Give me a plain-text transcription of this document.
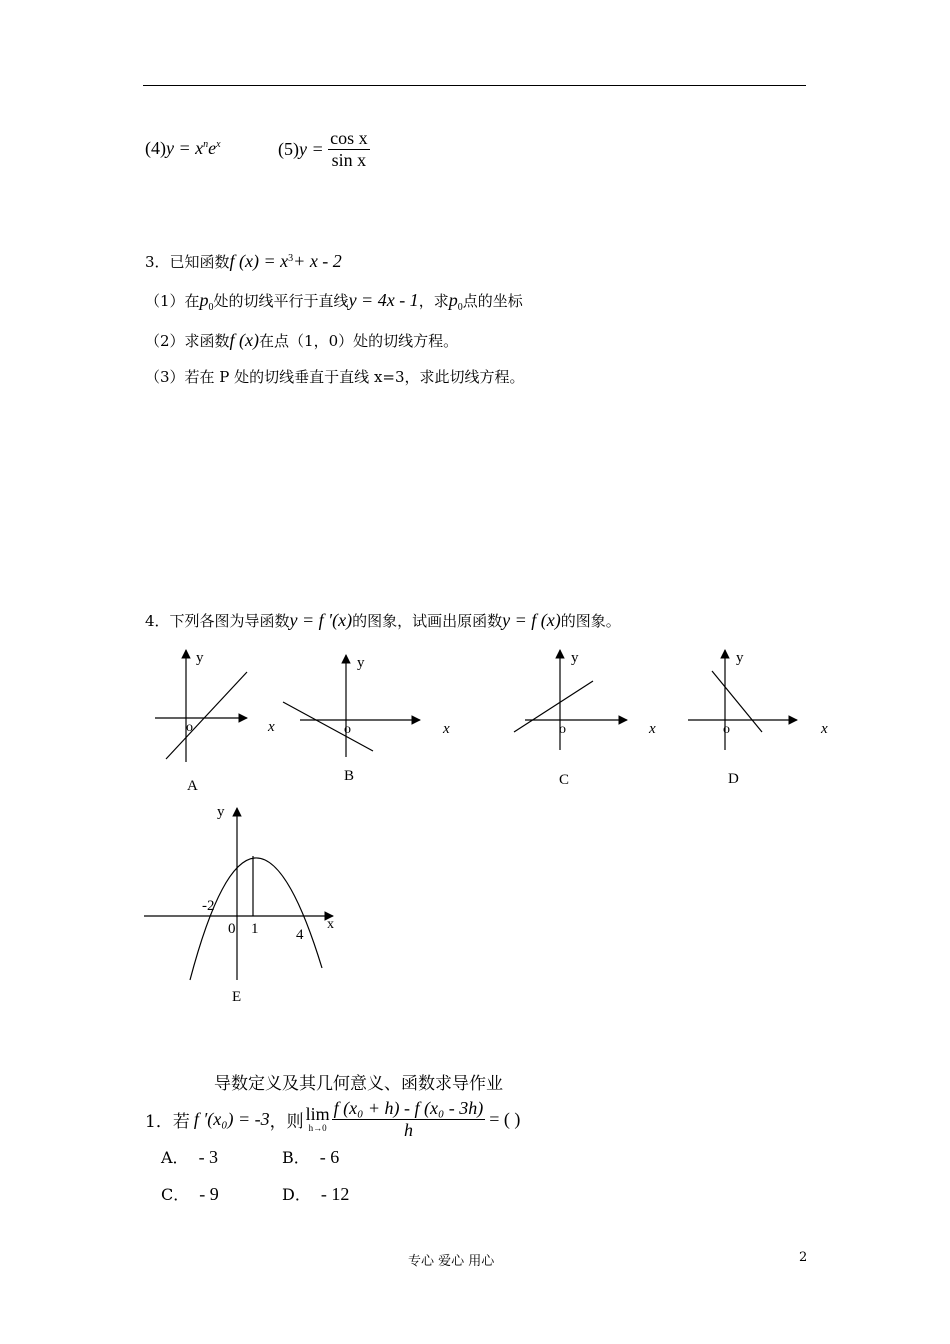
$(4)y = x^ne^x$	$(5)y = \frac{\text{cos x}}{\text{sin x}}$
3．已知函数f $(x) = x^3+ x - 2$
（1）在$p_0$处的切线平行于直线y = 4x - 1，求$p_0$点的坐标
（2）求函数f (x)在点（1，0）处的切线方程。
（3）若在 P 处的切线垂直于直线 x=3，求此切线方程。
4．下列各图为导函数y = f ′(x)的图象，试画出原函数y = f (x)的图象。
y
o	x
A
y
o	x
B
y
o	x
C
y
o	x
D
y
x
-2
0 1	4
E
导数定义及其几何意义、函数求导作业
1．若 f ′(x₀) = -3 ，则 lim
$h\to 0 \frac{\text{f (x₀ + h) - f (x₀ - 3h)}}{h}$ = ( )
A． - 3	B． - 6
C． - 9	D． - 12
专心 爱心 用心	2
